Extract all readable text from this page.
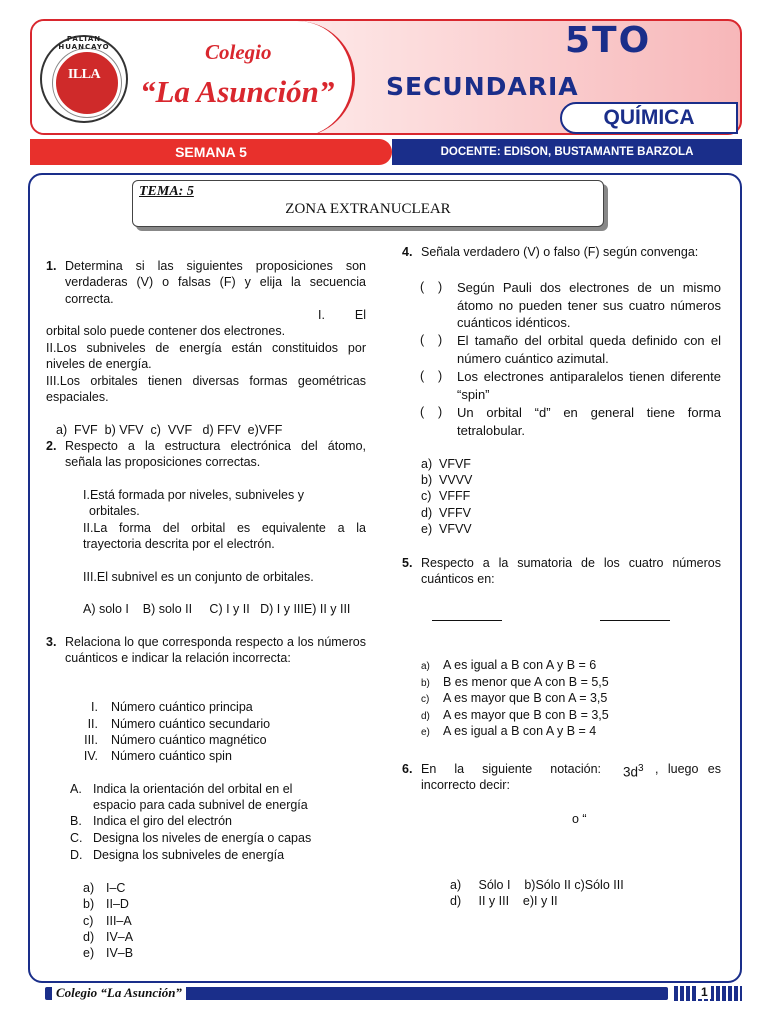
PALIAN HUANCAYO
ILLA
Colegio
“La Asunción”
5TO
SECUNDARIA
QUÍMICA
SEMANA 5	DOCENTE: EDISON, BUSTAMANTE BARZOLA
TEMA: 5
ZONA EXTRANUCLEAR
1. Determina si las siguientes proposiciones son verdaderas (V) o falsas (F) y elija la secuencia correcta.
I. El
orbital solo puede contener dos electrones.
II.Los subniveles de energía están constituidos por niveles de energía.
III.Los orbitales tienen diversas formas geométricas espaciales.
a)  FVF  b) VFV  c)  VVF   d) FFV  e)VFF
2. Respecto a la estructura electrónica del átomo, señala las proposiciones correctas.
I.Está formada por niveles, subniveles y
orbitales.
II.La forma del orbital es equivalente a la trayectoria descrita por el electrón.
III.El subnivel es un conjunto de orbitales.
A) solo I    B) solo II     C) I y II   D) I y IIIE) II y III
3. Relaciona lo que corresponda respecto a los números cuánticos e indicar la relación incorrecta:
I. Número cuántico principa
II. Número cuántico secundario
III. Número cuántico magnético
IV. Número cuántico spin
A. Indica la orientación del orbital en el
espacio para cada subnivel de energía
B. Indica el giro del electrón
C. Designa los niveles de energía o capas
D. Designa los subniveles de energía
a) I–C
b) II–D
c) III–A
d) IV–A
e) IV–B
4. Señala verdadero (V) o falso (F) según convenga:
(    ) Según Pauli dos electrones de un mismo átomo no pueden tener sus cuatro números cuánticos idénticos.
(    ) El tamaño del orbital queda definido con el número cuántico azimutal.
(    ) Los electrones antiparalelos tienen diferente “spin”
(    ) Un orbital “d” en general tiene forma tetralobular.
a) VFVF
b) VVVV
c) VFFF
d) VFFV
e) VFVV
5. Respecto a la sumatoria de los cuatro números cuánticos en:
a) A es igual a B con A y B = 6
b) B es menor que A con B = 5,5
c) A es mayor que B con A = 3,5
d) A es mayor que B con B = 3,5
e) A es igual a B con A y B = 4
6. En la siguiente notación: $3d^3$ , luego es
incorrecto decir:
o “
a)     Sólo I    b)Sólo II c)Sólo III
d)     II y III    e)I y II
Colegio “La Asunción”	1
